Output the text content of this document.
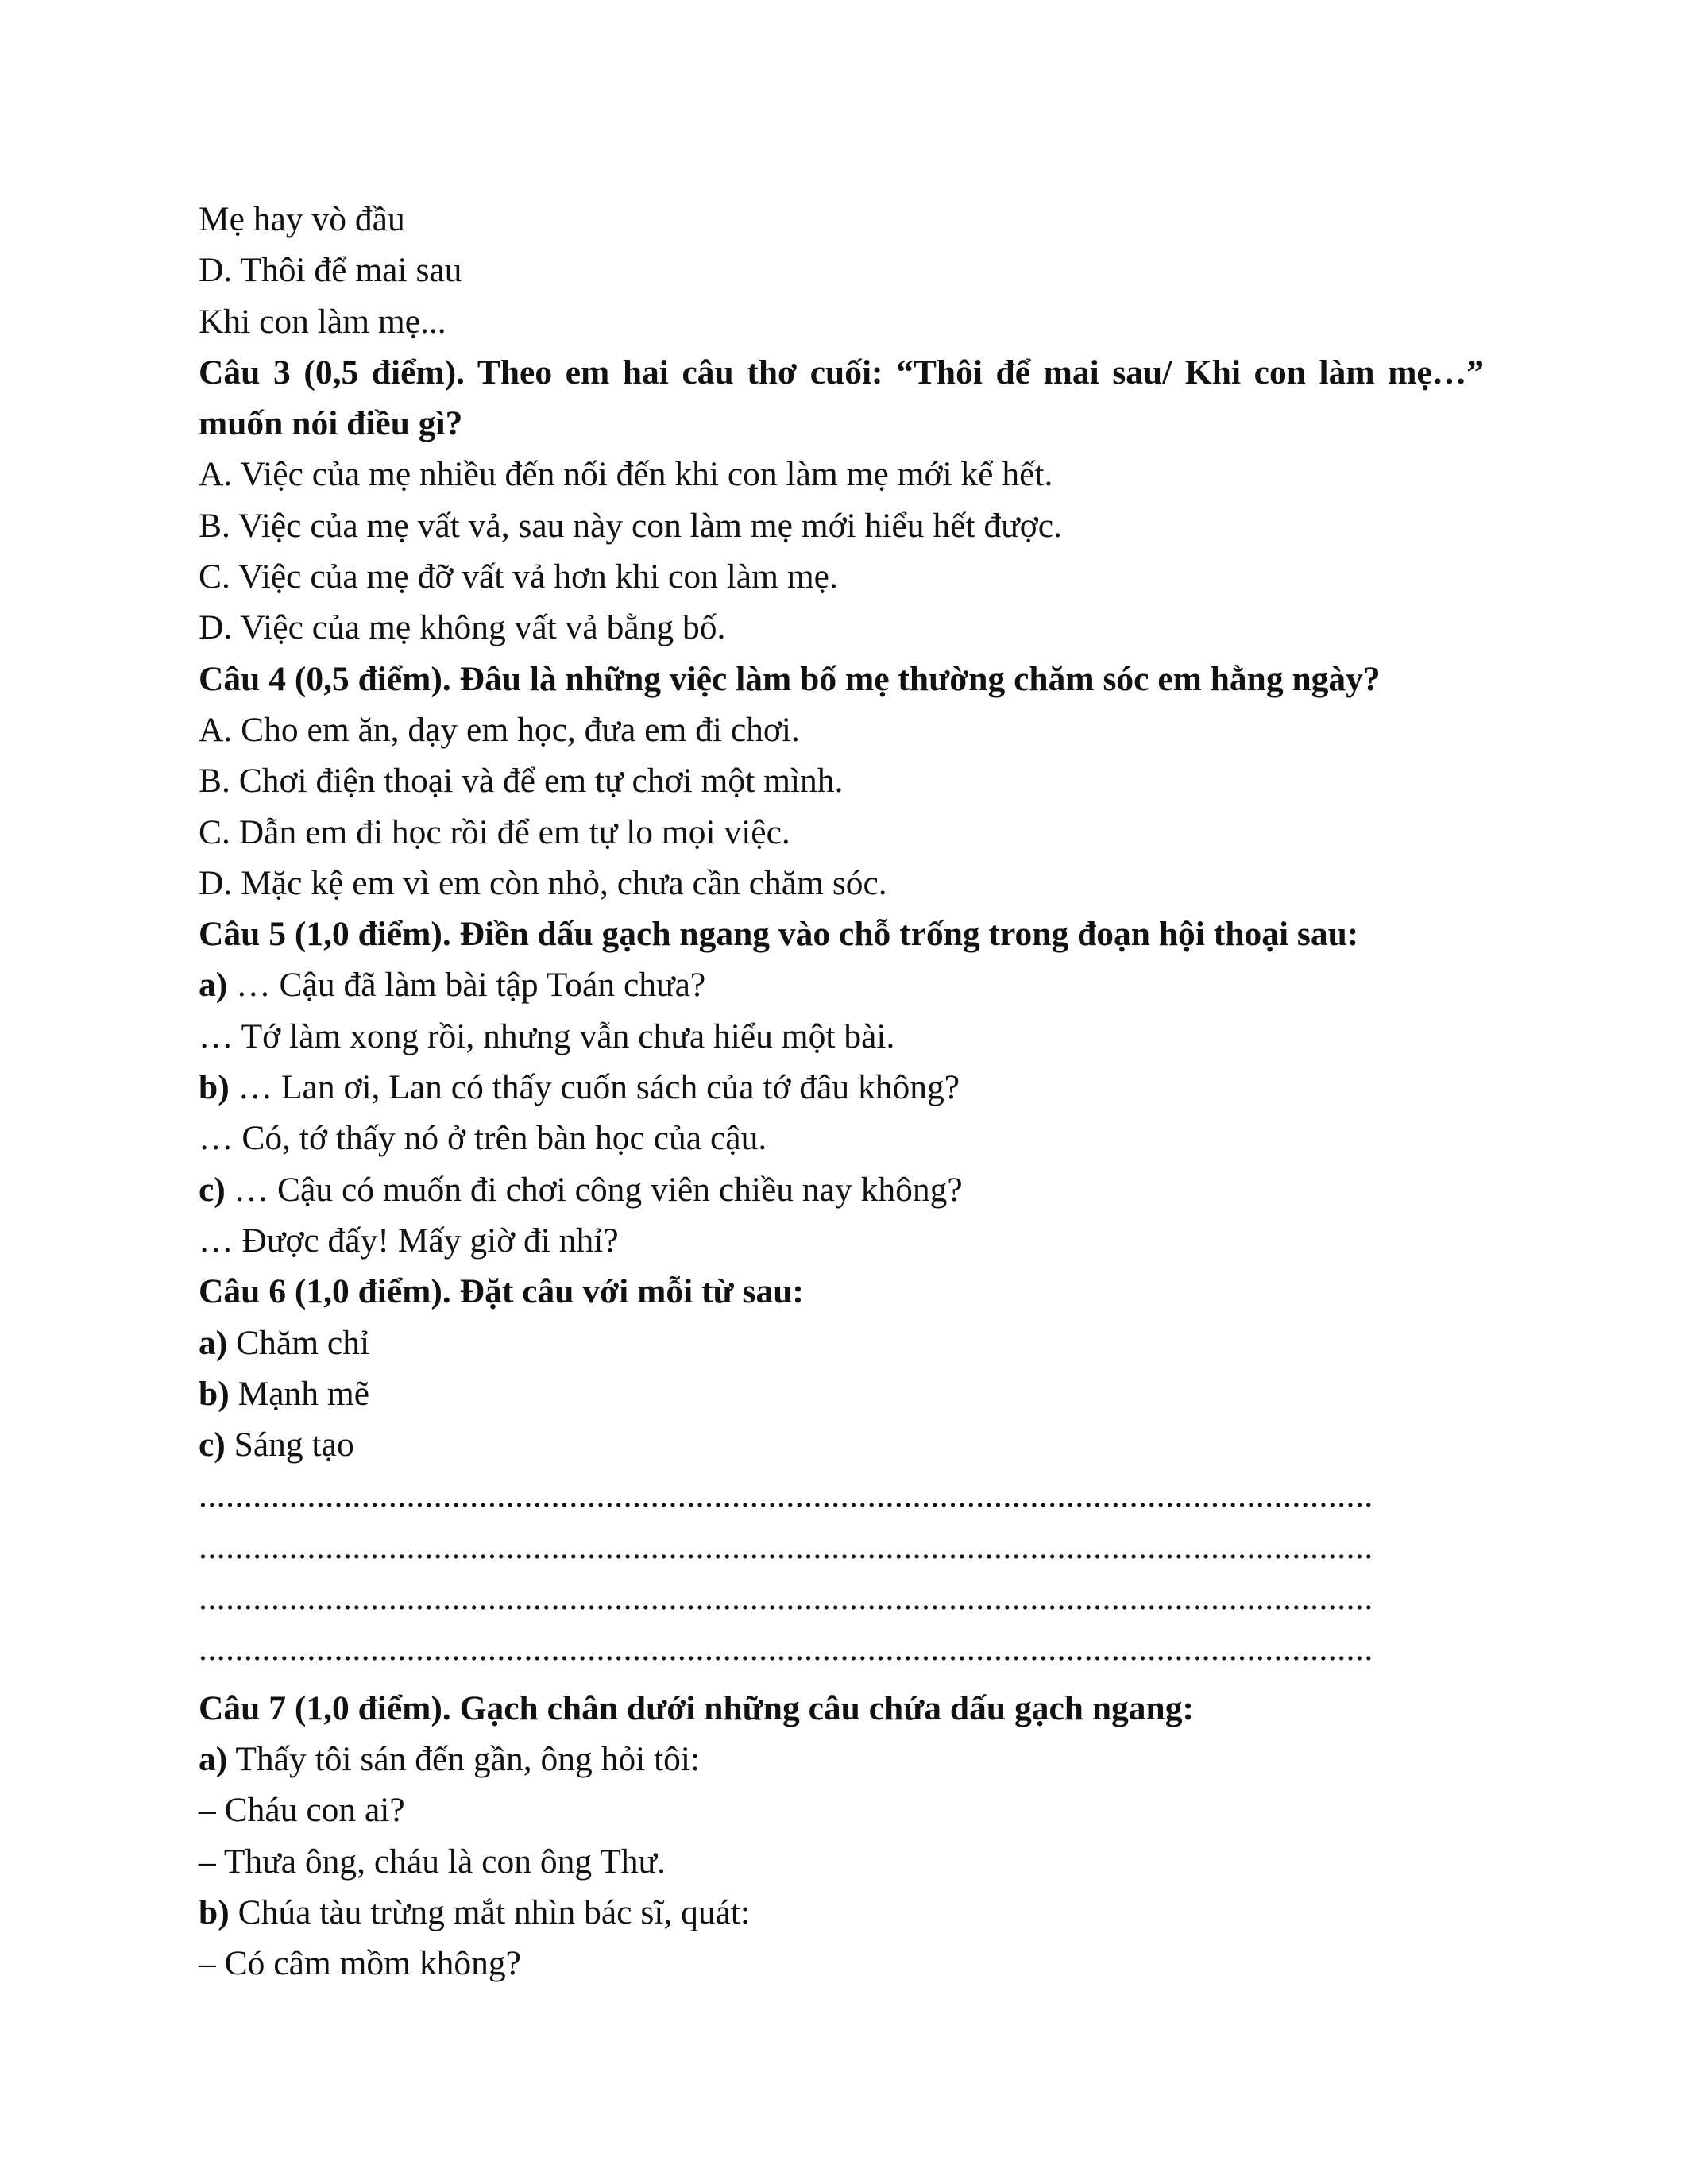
Mẹ hay vò đầu
D. Thôi để mai sau
Khi con làm mẹ...
Câu 3 (0,5 điểm). Theo em hai câu thơ cuối: “Thôi để mai sau/ Khi con làm mẹ…” muốn nói điều gì?
A. Việc của mẹ nhiều đến nối đến khi con làm mẹ mới kể hết.
B. Việc của mẹ vất vả, sau này con làm mẹ mới hiểu hết được.
C. Việc của mẹ đỡ vất vả hơn khi con làm mẹ.
D. Việc của mẹ không vất vả bằng bố.
Câu 4 (0,5 điểm). Đâu là những việc làm bố mẹ thường chăm sóc em hằng ngày?
A. Cho em ăn, dạy em học, đưa em đi chơi.
B. Chơi điện thoại và để em tự chơi một mình.
C. Dẫn em đi học rồi để em tự lo mọi việc.
D. Mặc kệ em vì em còn nhỏ, chưa cần chăm sóc.
Câu 5 (1,0 điểm). Điền dấu gạch ngang vào chỗ trống trong đoạn hội thoại sau:
a) … Cậu đã làm bài tập Toán chưa?
… Tớ làm xong rồi, nhưng vẫn chưa hiểu một bài.
b) … Lan ơi, Lan có thấy cuốn sách của tớ đâu không?
… Có, tớ thấy nó ở trên bàn học của cậu.
c) … Cậu có muốn đi chơi công viên chiều nay không?
… Được đấy! Mấy giờ đi nhỉ?
Câu 6 (1,0 điểm). Đặt câu với mỗi từ sau:
a) Chăm chỉ
b) Mạnh mẽ
c) Sáng tạo
..................................................................................................................................
..................................................................................................................................
..................................................................................................................................
..................................................................................................................................
Câu 7 (1,0 điểm). Gạch chân dưới những câu chứa dấu gạch ngang:
a) Thấy tôi sán đến gần, ông hỏi tôi:
– Cháu con ai?
– Thưa ông, cháu là con ông Thư.
b) Chúa tàu trừng mắt nhìn bác sĩ, quát:
– Có câm mồm không?
